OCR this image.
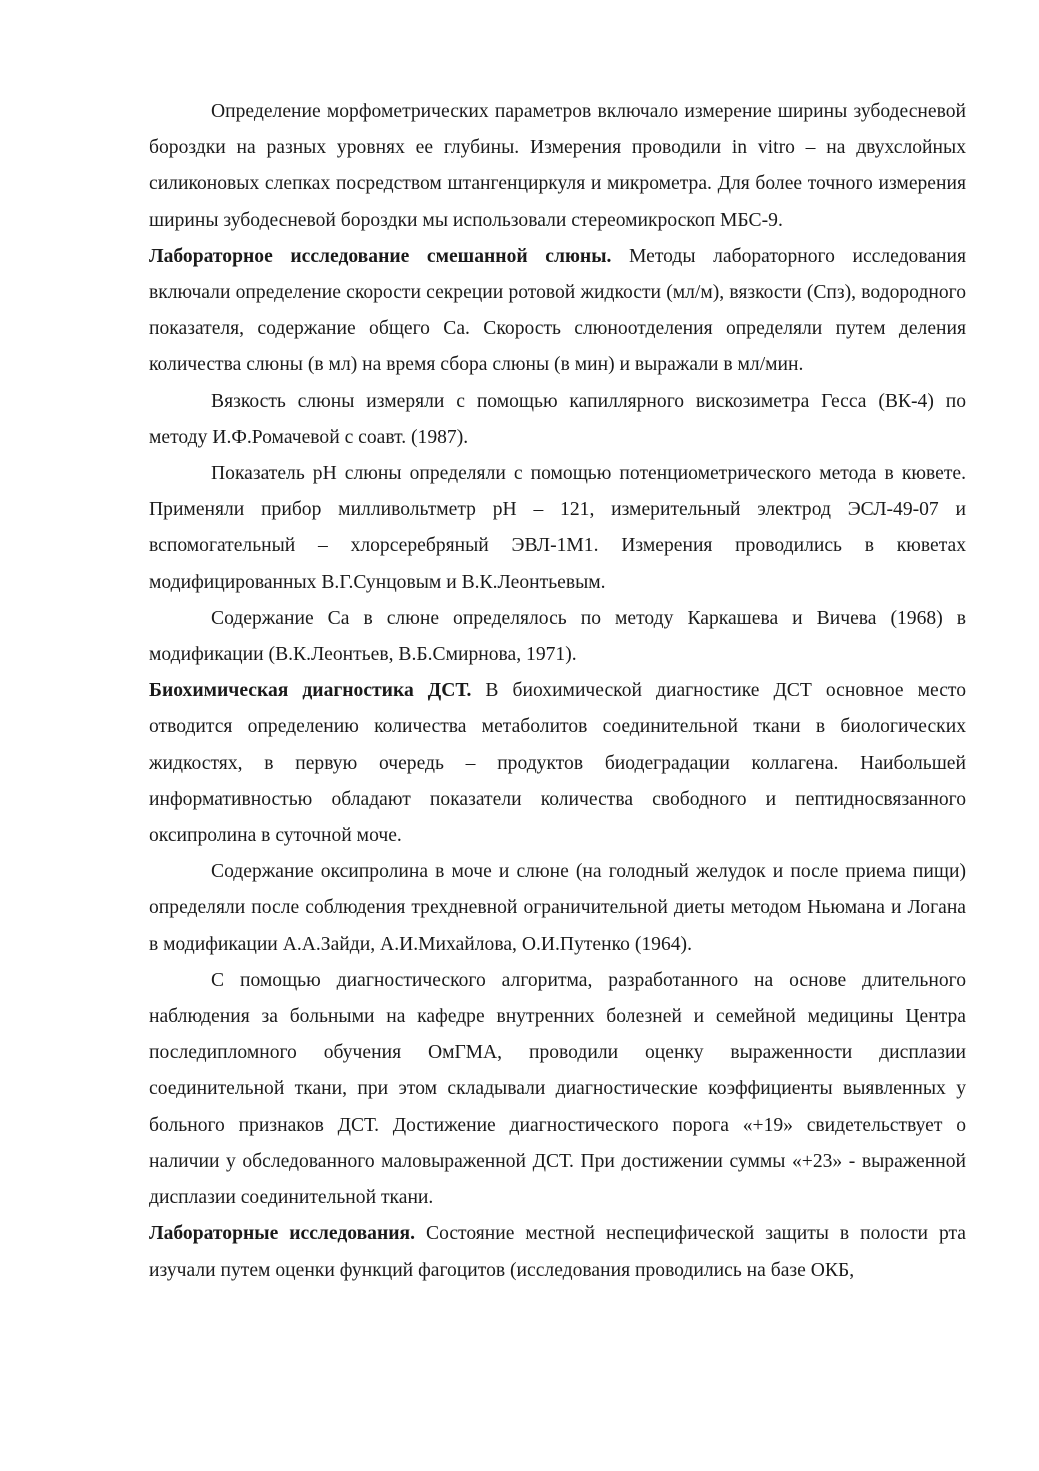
Определение морфометрических параметров включало измерение ширины зубодесневой бороздки на разных уровнях ее глубины. Измерения проводили in vitro – на двухслойных силиконовых слепках посредством штангенциркуля и микрометра. Для более точного измерения ширины зубодесневой бороздки мы использовали стереомикроскоп МБС-9.

Лабораторное исследование смешанной слюны. Методы лабораторного исследования включали определение скорости секреции ротовой жидкости (мл/м), вязкости (Спз), водородного показателя, содержание общего Са. Скорость слюноотделения определяли путем деления количества слюны (в мл) на время сбора слюны (в мин) и выражали в мл/мин.

Вязкость слюны измеряли с помощью капиллярного вискозиметра Гесса (ВК-4) по методу И.Ф.Ромачевой с соавт. (1987).

Показатель рН слюны определяли с помощью потенциометрического метода в кювете. Применяли прибор милливольтметр рН – 121, измерительный электрод ЭСЛ-49-07 и вспомогательный – хлорсеребряный ЭВЛ-1М1. Измерения проводились в кюветах модифицированных В.Г.Сунцовым и В.К.Леонтьевым.

Содержание Са в слюне определялось по методу Каркашева и Вичева (1968) в модификации (В.К.Леонтьев, В.Б.Смирнова, 1971).

Биохимическая диагностика ДСТ. В биохимической диагностике ДСТ основное место отводится определению количества метаболитов соединительной ткани в биологических жидкостях, в первую очередь – продуктов биодеградации коллагена. Наибольшей информативностью обладают показатели количества свободного и пептидносвязанного оксипролина в суточной моче.

Содержание оксипролина в моче и слюне (на голодный желудок и после приема пищи) определяли после соблюдения трехдневной ограничительной диеты методом Ньюмана и Логана в модификации А.А.Зайди, А.И.Михайлова, О.И.Путенко (1964).

С помощью диагностического алгоритма, разработанного на основе длительного наблюдения за больными на кафедре внутренних болезней и семейной медицины Центра последипломного обучения ОмГМА, проводили оценку выраженности дисплазии соединительной ткани, при этом складывали диагностические коэффициенты выявленных у больного признаков ДСТ. Достижение диагностического порога «+19» свидетельствует о наличии у обследованного маловыраженной ДСТ. При достижении суммы «+23» - выраженной дисплазии соединительной ткани.

Лабораторные исследования. Состояние местной неспецифической защиты в полости рта изучали путем оценки функций фагоцитов (исследования проводились на базе ОКБ,
